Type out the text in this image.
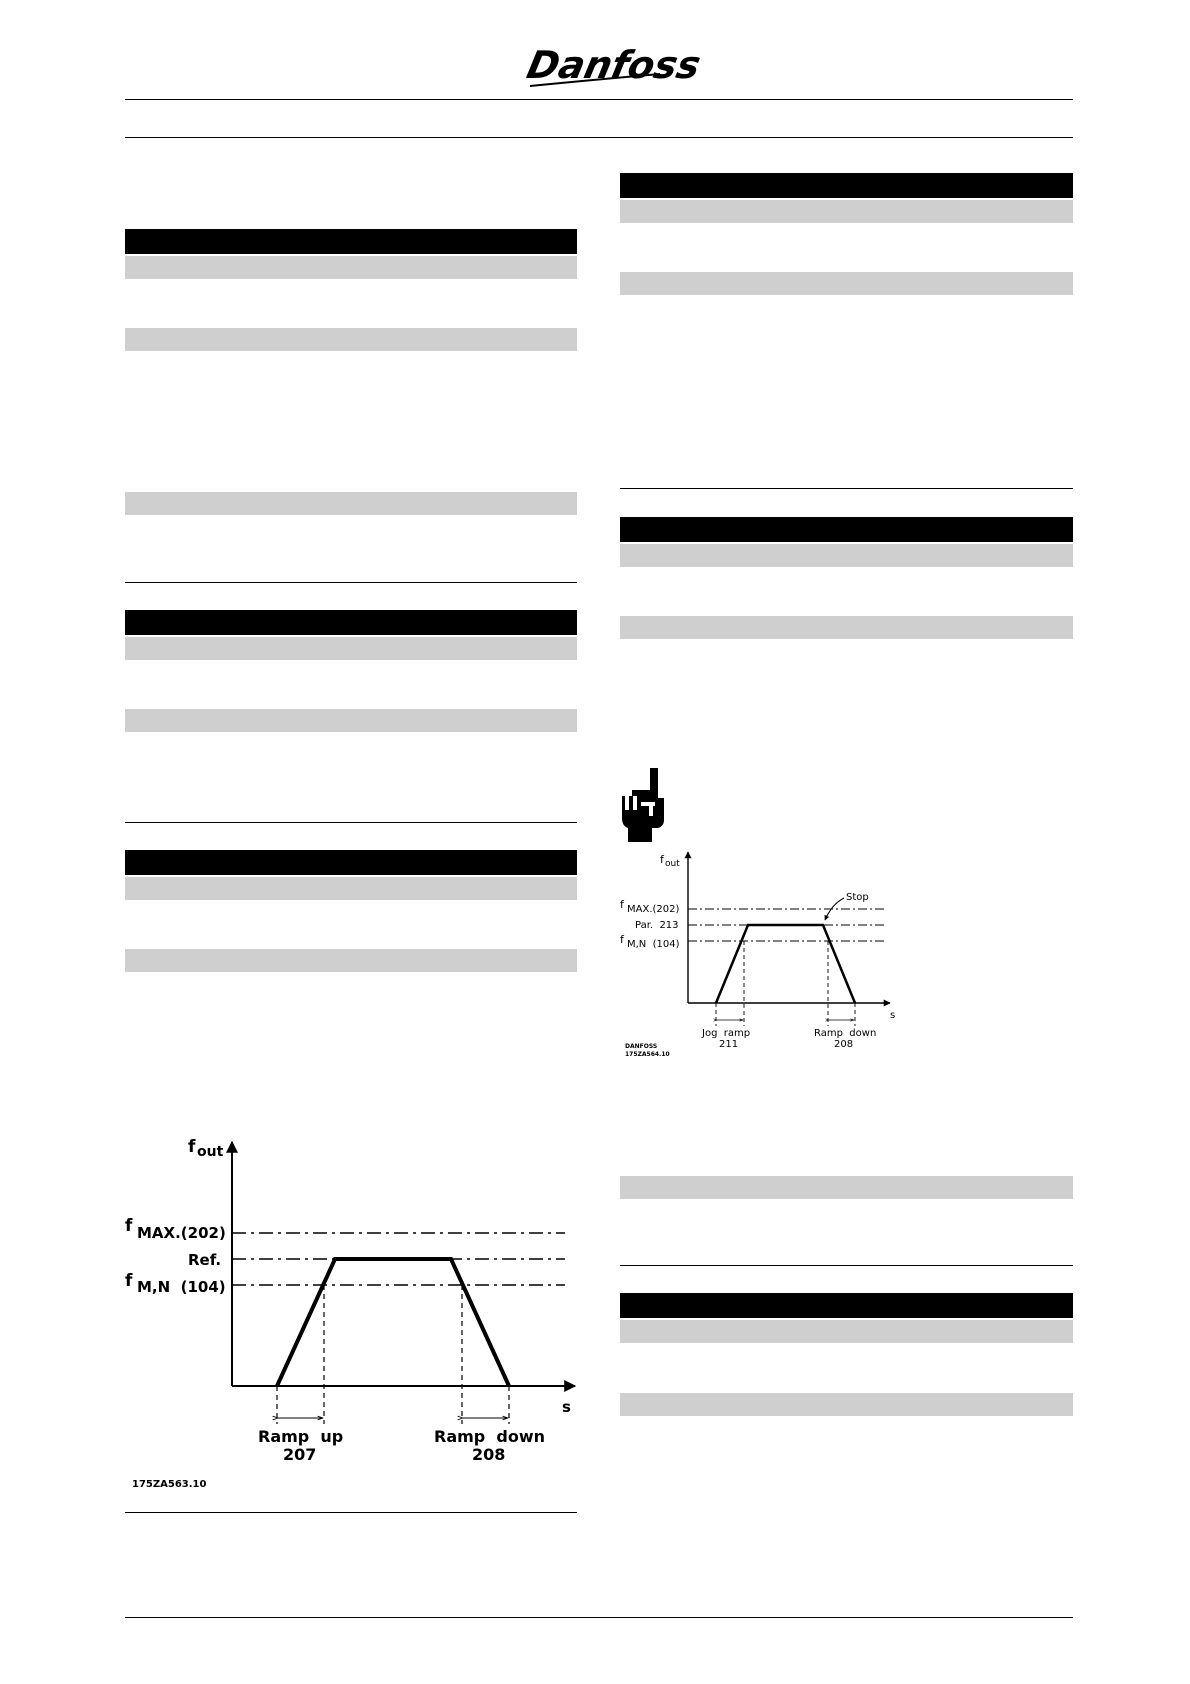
Danfoss
f out
s
f MAX.(202)
Ref.
f M,N  (104)
Ramp  up
207
Ramp  down
208
175ZA563.10
Stop
f out
s
f MAX.(202)
Par.  213
f M,N  (104)
Jog  ramp
211
Ramp  down
208
DANFOSS
175ZA564.10
